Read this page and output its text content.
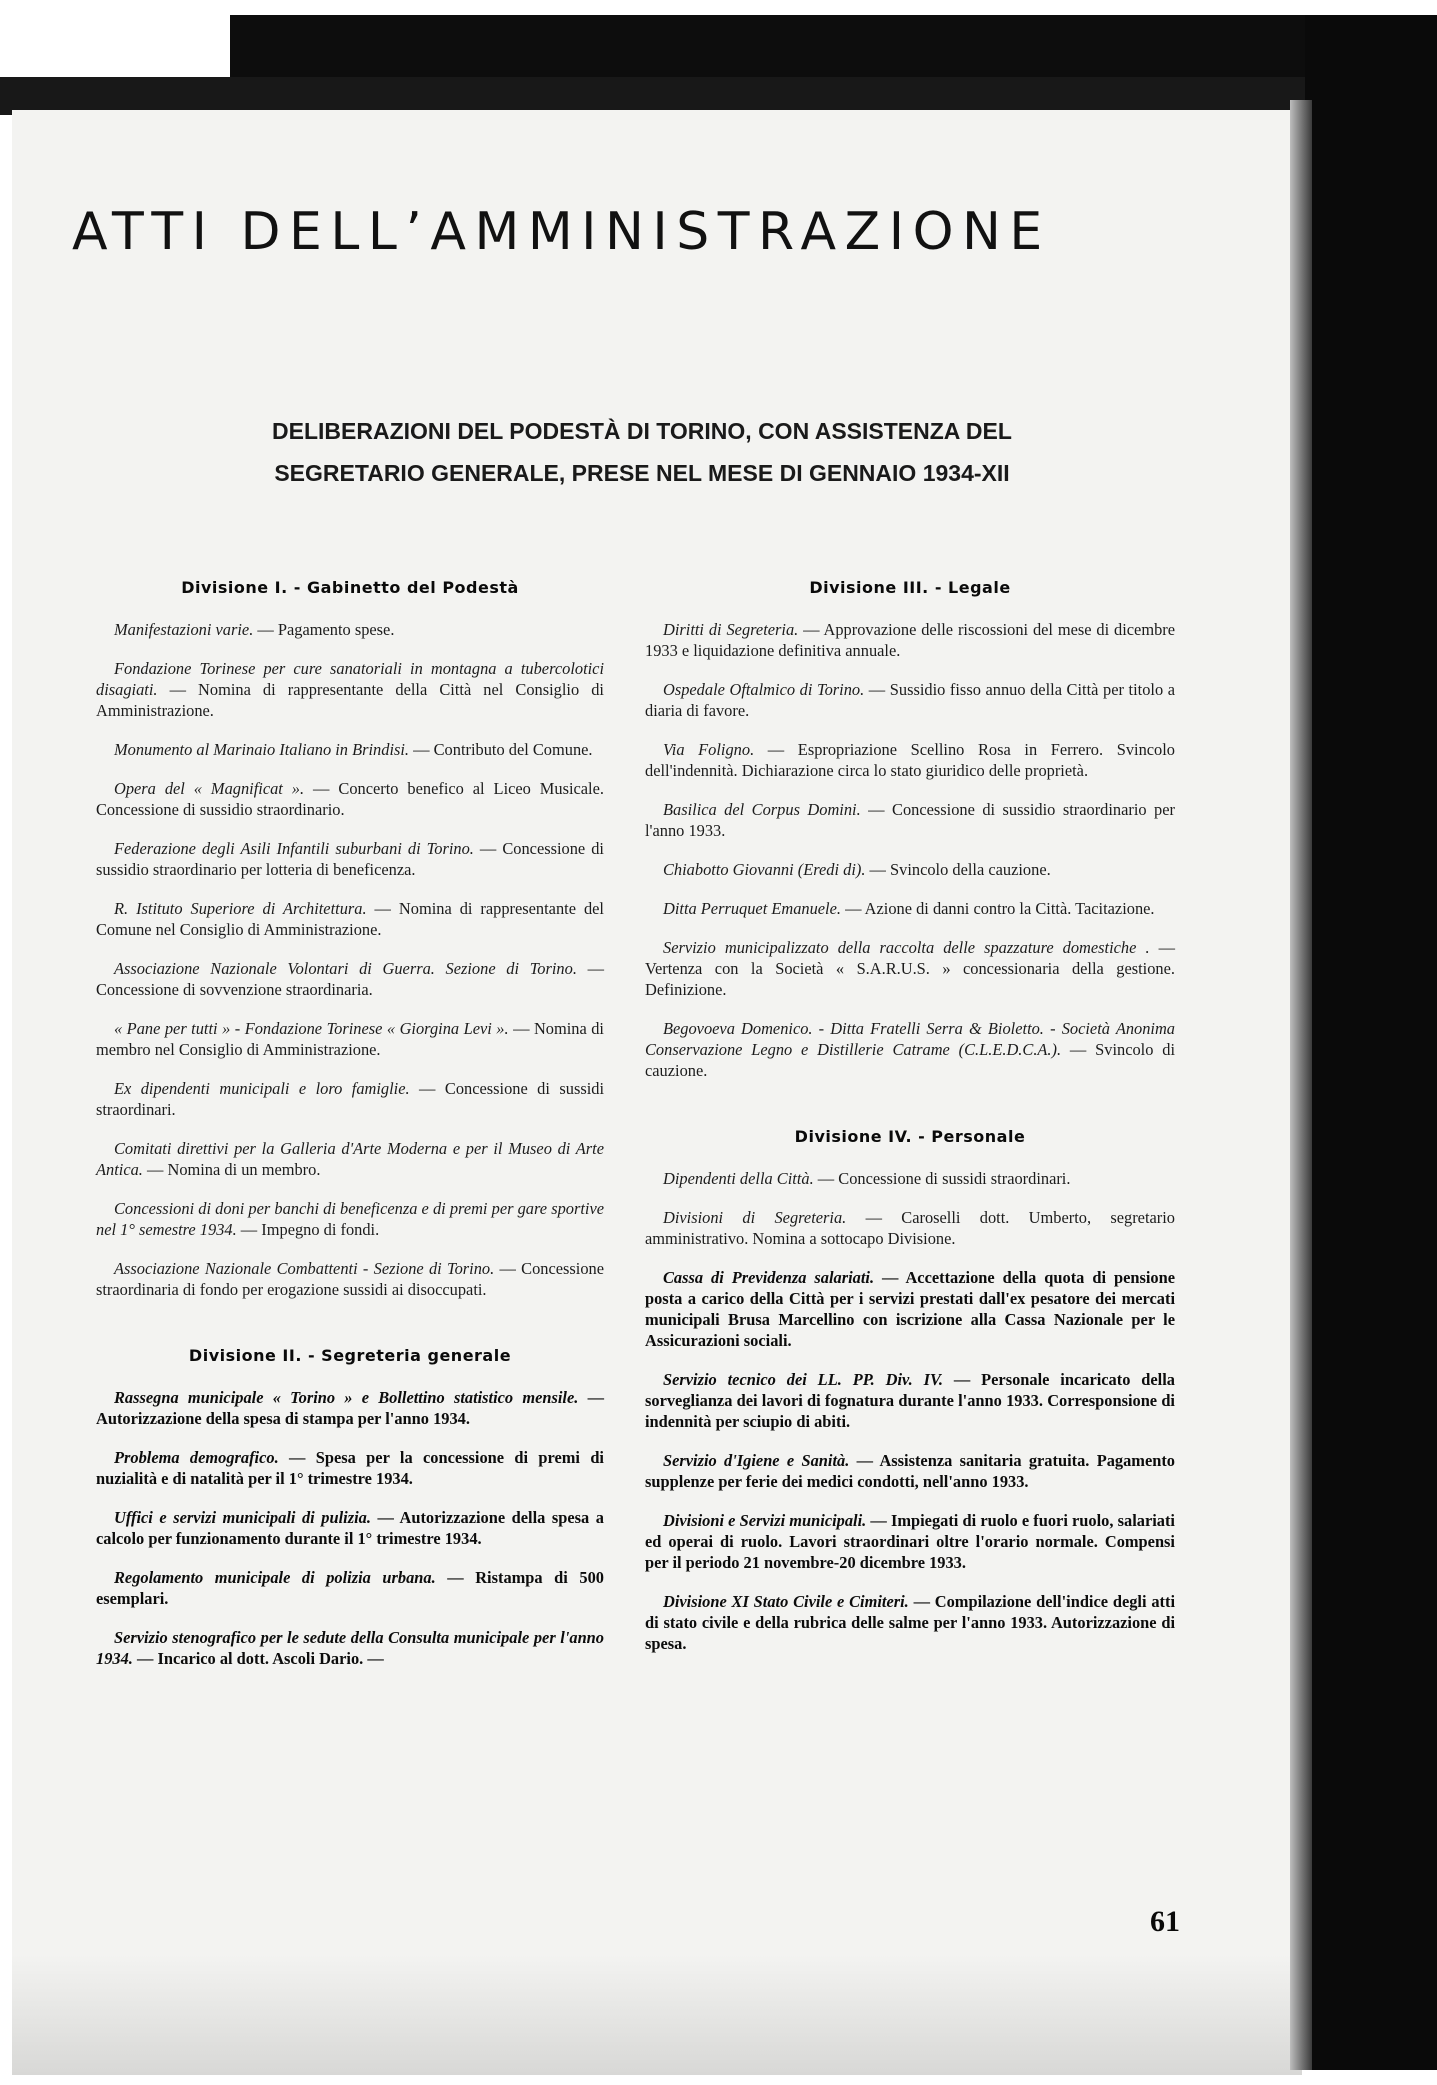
ATTI DELL’AMMINISTRAZIONE
DELIBERAZIONI DEL PODESTÀ DI TORINO, CON ASSISTENZA DEL
SEGRETARIO GENERALE, PRESE NEL MESE DI GENNAIO 1934-XII
Divisione I. - Gabinetto del Podestà

Manifestazioni varie. — Pagamento spese.

Fondazione Torinese per cure sanatoriali in montagna a tubercolotici disagiati. — Nomina di rappresentante della Città nel Consiglio di Amministrazione.

Monumento al Marinaio Italiano in Brindisi. — Contributo del Comune.

Opera del « Magnificat ». — Concerto benefico al Liceo Musicale. Concessione di sussidio straordinario.

Federazione degli Asili Infantili suburbani di Torino. — Concessione di sussidio straordinario per lotteria di beneficenza.

R. Istituto Superiore di Architettura. — Nomina di rappresentante del Comune nel Consiglio di Amministrazione.

Associazione Nazionale Volontari di Guerra. Sezione di Torino. — Concessione di sovvenzione straordinaria.

« Pane per tutti » - Fondazione Torinese « Giorgina Levi ». — Nomina di membro nel Consiglio di Amministrazione.

Ex dipendenti municipali e loro famiglie. — Concessione di sussidi straordinari.

Comitati direttivi per la Galleria d'Arte Moderna e per il Museo di Arte Antica. — Nomina di un membro.

Concessioni di doni per banchi di beneficenza e di premi per gare sportive nel 1° semestre 1934. — Impegno di fondi.

Associazione Nazionale Combattenti - Sezione di Torino. — Concessione straordinaria di fondo per erogazione sussidi ai disoccupati.

Divisione II. - Segreteria generale

Rassegna municipale « Torino » e Bollettino statistico mensile. — Autorizzazione della spesa di stampa per l'anno 1934.

Problema demografico. — Spesa per la concessione di premi di nuzialità e di natalità per il 1° trimestre 1934.

Uffici e servizi municipali di pulizia. — Autorizzazione della spesa a calcolo per funzionamento durante il 1° trimestre 1934.

Regolamento municipale di polizia urbana. — Ristampa di 500 esemplari.

Servizio stenografico per le sedute della Consulta municipale per l'anno 1934. — Incarico al dott. Ascoli Dario. —

Divisione III. - Legale

Diritti di Segreteria. — Approvazione delle riscossioni del mese di dicembre 1933 e liquidazione definitiva annuale.

Ospedale Oftalmico di Torino. — Sussidio fisso annuo della Città per titolo a diaria di favore.

Via Foligno. — Espropriazione Scellino Rosa in Ferrero. Svincolo dell'indennità. Dichiarazione circa lo stato giuridico delle proprietà.

Basilica del Corpus Domini. — Concessione di sussidio straordinario per l'anno 1933.

Chiabotto Giovanni (Eredi di). — Svincolo della cauzione.

Ditta Perruquet Emanuele. — Azione di danni contro la Città. Tacitazione.

Servizio municipalizzato della raccolta delle spazzature domestiche . — Vertenza con la Società « S.A.R.U.S. » concessionaria della gestione. Definizione.

Begovoeva Domenico. - Ditta Fratelli Serra & Bioletto. - Società Anonima Conservazione Legno e Distillerie Catrame (C.L.E.D.C.A.). — Svincolo di cauzione.

Divisione IV. - Personale

Dipendenti della Città. — Concessione di sussidi straordinari.

Divisioni di Segreteria. — Caroselli dott. Umberto, segretario amministrativo. Nomina a sottocapo Divisione.

Cassa di Previdenza salariati. — Accettazione della quota di pensione posta a carico della Città per i servizi prestati dall'ex pesatore dei mercati municipali Brusa Marcellino con iscrizione alla Cassa Nazionale per le Assicurazioni sociali.

Servizio tecnico dei LL. PP. Div. IV. — Personale incaricato della sorveglianza dei lavori di fognatura durante l'anno 1933. Corresponsione di indennità per sciupio di abiti.

Servizio d'Igiene e Sanità. — Assistenza sanitaria gratuita. Pagamento supplenze per ferie dei medici condotti, nell'anno 1933.

Divisioni e Servizi municipali. — Impiegati di ruolo e fuori ruolo, salariati ed operai di ruolo. Lavori straordinari oltre l'orario normale. Compensi per il periodo 21 novembre-20 dicembre 1933.

Divisione XI Stato Civile e Cimiteri. — Compilazione dell'indice degli atti di stato civile e della rubrica delle salme per l'anno 1933. Autorizzazione di spesa.

61
